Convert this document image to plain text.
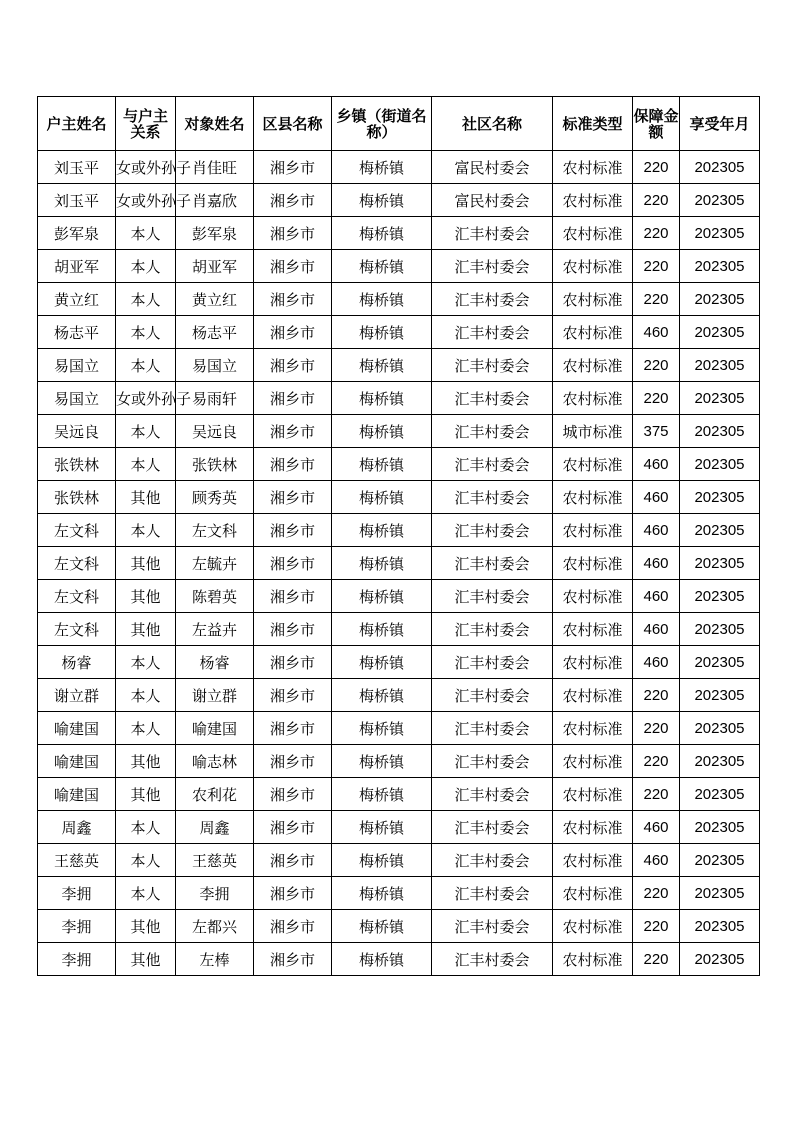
户主姓名	与户主关系	对象姓名	区县名称	乡镇（街道名称）	社区名称	标准类型	保障金额	享受年月
刘玉平	女或外孙子	肖佳旺	湘乡市	梅桥镇	富民村委会	农村标准	220	202305
刘玉平	女或外孙子	肖嘉欣	湘乡市	梅桥镇	富民村委会	农村标准	220	202305
彭军泉	本人	彭军泉	湘乡市	梅桥镇	汇丰村委会	农村标准	220	202305
胡亚军	本人	胡亚军	湘乡市	梅桥镇	汇丰村委会	农村标准	220	202305
黄立红	本人	黄立红	湘乡市	梅桥镇	汇丰村委会	农村标准	220	202305
杨志平	本人	杨志平	湘乡市	梅桥镇	汇丰村委会	农村标准	460	202305
易国立	本人	易国立	湘乡市	梅桥镇	汇丰村委会	农村标准	220	202305
易国立	女或外孙子	易雨轩	湘乡市	梅桥镇	汇丰村委会	农村标准	220	202305
吴远良	本人	吴远良	湘乡市	梅桥镇	汇丰村委会	城市标准	375	202305
张铁林	本人	张铁林	湘乡市	梅桥镇	汇丰村委会	农村标准	460	202305
张铁林	其他	顾秀英	湘乡市	梅桥镇	汇丰村委会	农村标准	460	202305
左文科	本人	左文科	湘乡市	梅桥镇	汇丰村委会	农村标准	460	202305
左文科	其他	左毓卉	湘乡市	梅桥镇	汇丰村委会	农村标准	460	202305
左文科	其他	陈碧英	湘乡市	梅桥镇	汇丰村委会	农村标准	460	202305
左文科	其他	左益卉	湘乡市	梅桥镇	汇丰村委会	农村标准	460	202305
杨睿	本人	杨睿	湘乡市	梅桥镇	汇丰村委会	农村标准	460	202305
谢立群	本人	谢立群	湘乡市	梅桥镇	汇丰村委会	农村标准	220	202305
喻建国	本人	喻建国	湘乡市	梅桥镇	汇丰村委会	农村标准	220	202305
喻建国	其他	喻志林	湘乡市	梅桥镇	汇丰村委会	农村标准	220	202305
喻建国	其他	农利花	湘乡市	梅桥镇	汇丰村委会	农村标准	220	202305
周鑫	本人	周鑫	湘乡市	梅桥镇	汇丰村委会	农村标准	460	202305
王慈英	本人	王慈英	湘乡市	梅桥镇	汇丰村委会	农村标准	460	202305
李拥	本人	李拥	湘乡市	梅桥镇	汇丰村委会	农村标准	220	202305
李拥	其他	左都兴	湘乡市	梅桥镇	汇丰村委会	农村标准	220	202305
李拥	其他	左棒	湘乡市	梅桥镇	汇丰村委会	农村标准	220	202305
